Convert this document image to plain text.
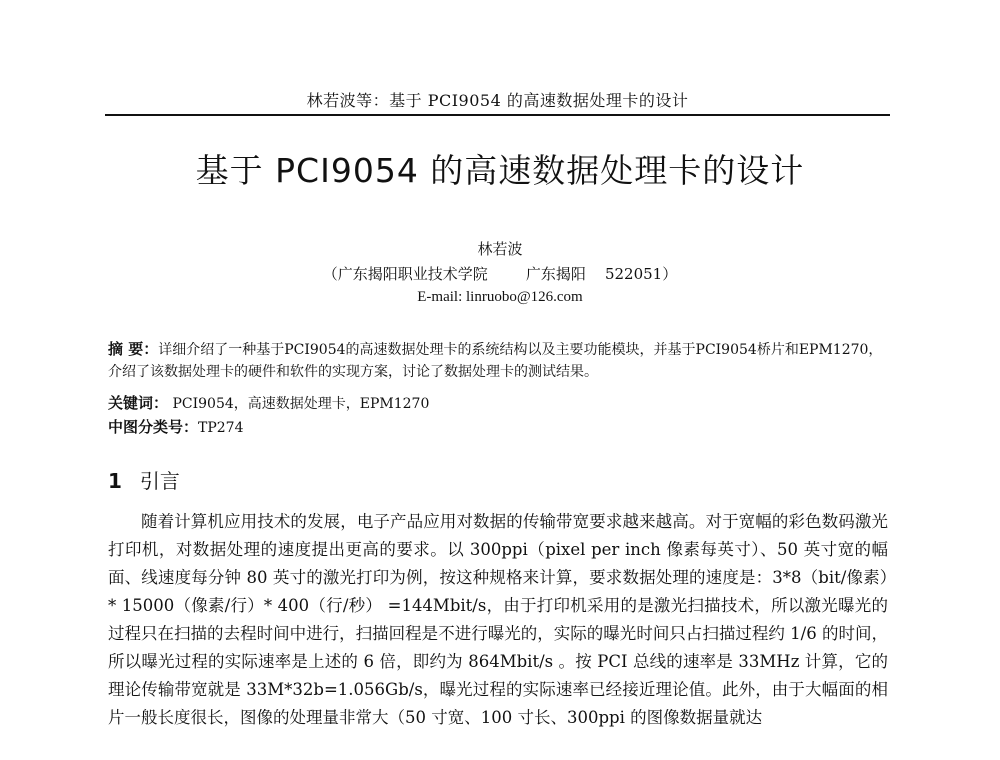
林若波等：基于 PCI9054 的高速数据处理卡的设计
基于 PCI9054 的高速数据处理卡的设计
林若波
（广东揭阳职业技术学院        广东揭阳    522051）
E-mail: linruobo@126.com
摘 要：详细介绍了一种基于PCI9054的高速数据处理卡的系统结构以及主要功能模块，并基于PCI9054桥片和EPM1270，介绍了该数据处理卡的硬件和软件的实现方案，讨论了数据处理卡的测试结果。
关键词： PCI9054，高速数据处理卡，EPM1270
中图分类号：TP274
1 引言

随着计算机应用技术的发展，电子产品应用对数据的传输带宽要求越来越高。对于宽幅的彩色数码激光打印机，对数据处理的速度提出更高的要求。以 300ppi（pixel per inch 像素每英寸）、50 英寸宽的幅面、线速度每分钟 80 英寸的激光打印为例，按这种规格来计算，要求数据处理的速度是：3*8（bit/像素）* 15000（像素/行）* 400（行/秒） =144Mbit/s，由于打印机采用的是激光扫描技术，所以激光曝光的过程只在扫描的去程时间中进行，扫描回程是不进行曝光的，实际的曝光时间只占扫描过程约 1/6 的时间，所以曝光过程的实际速率是上述的 6 倍，即约为 864Mbit/s 。按 PCI 总线的速率是 33MHz 计算，它的理论传输带宽就是 33M*32b=1.056Gb/s，曝光过程的实际速率已经接近理论值。此外，由于大幅面的相片一般长度很长，图像的处理量非常大（50 寸宽、100 寸长、300ppi 的图像数据量就达
